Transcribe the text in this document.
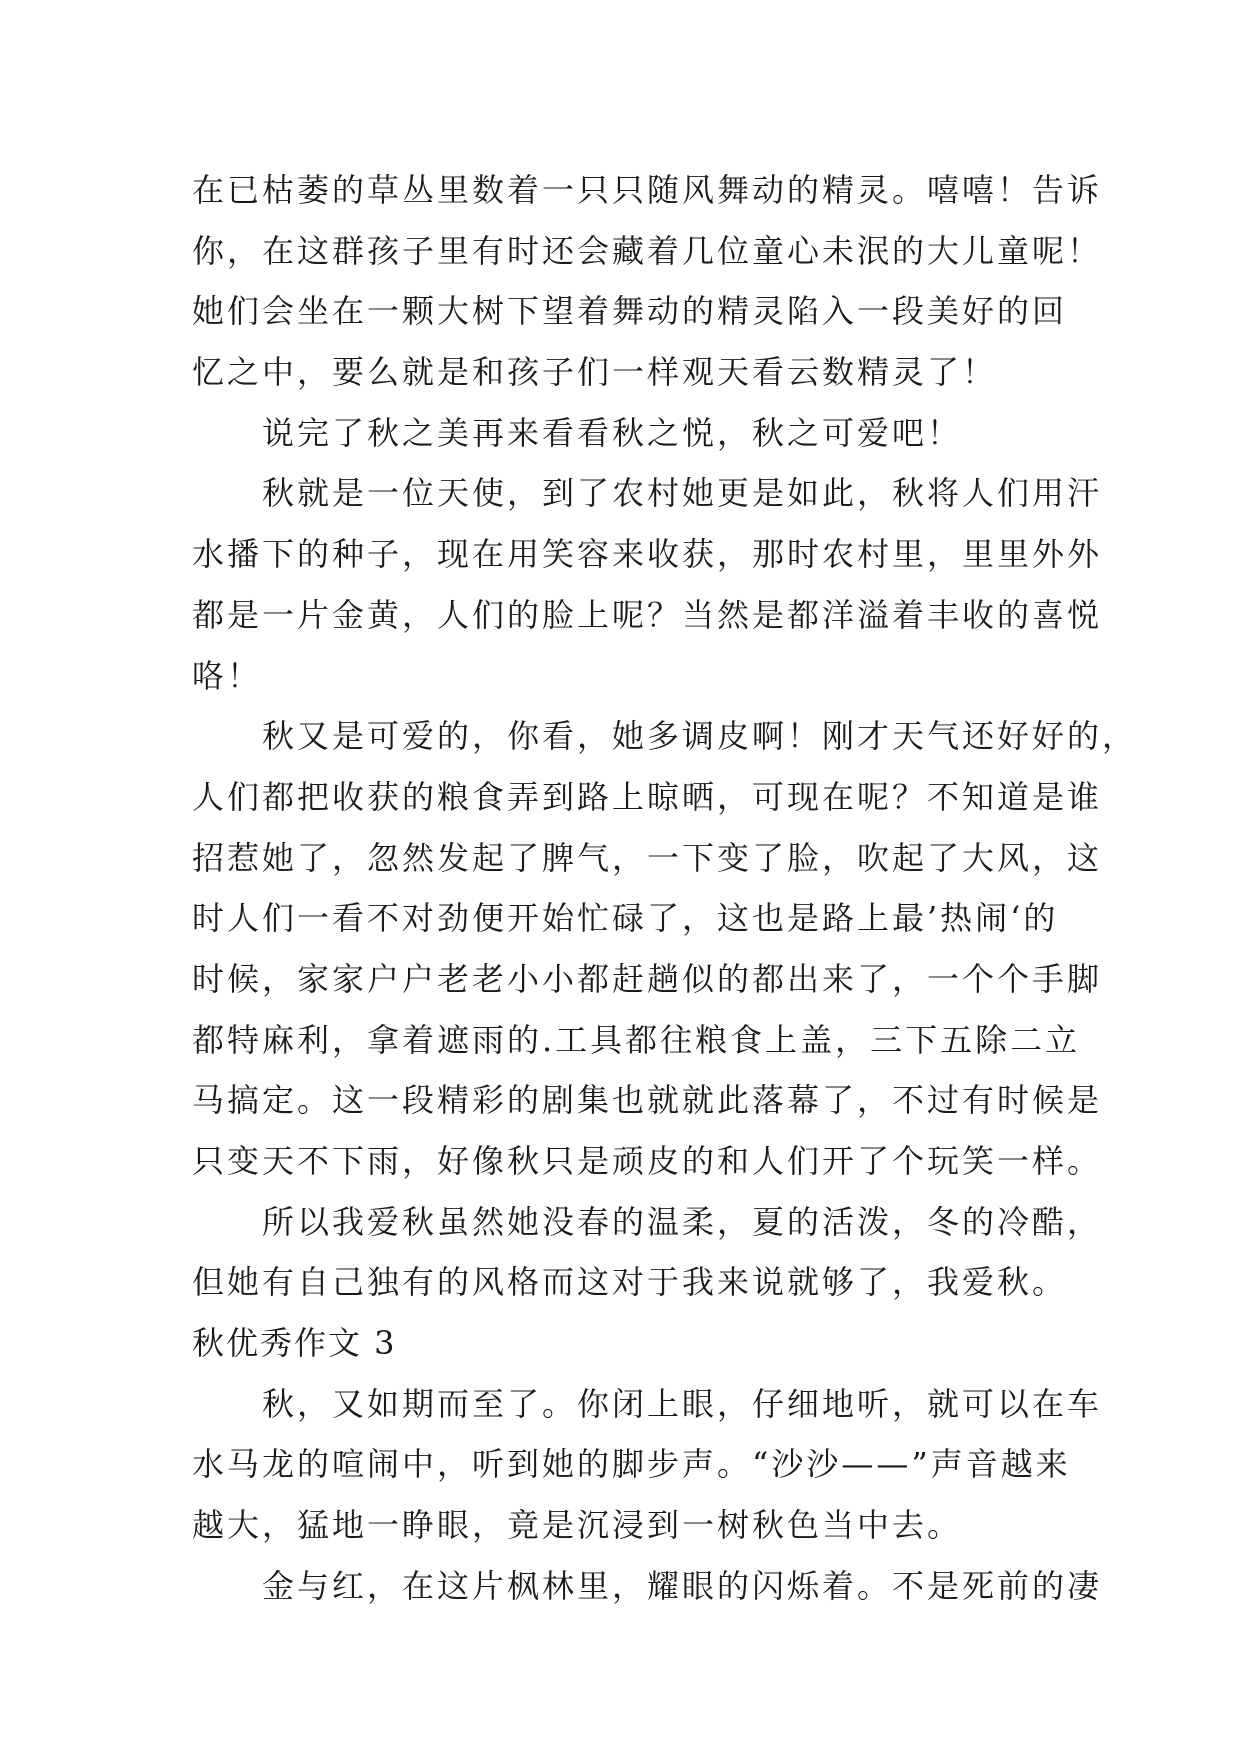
在已枯萎的草丛里数着一只只随风舞动的精灵。嘻嘻！告诉
你，在这群孩子里有时还会藏着几位童心未泯的大儿童呢！
她们会坐在一颗大树下望着舞动的精灵陷入一段美好的回
忆之中，要么就是和孩子们一样观天看云数精灵了！
说完了秋之美再来看看秋之悦，秋之可爱吧！
秋就是一位天使，到了农村她更是如此，秋将人们用汗
水播下的种子，现在用笑容来收获，那时农村里，里里外外
都是一片金黄，人们的脸上呢？当然是都洋溢着丰收的喜悦
咯！
秋又是可爱的，你看，她多调皮啊！刚才天气还好好的，
人们都把收获的粮食弄到路上晾晒，可现在呢？不知道是谁
招惹她了，忽然发起了脾气，一下变了脸，吹起了大风，这
时人们一看不对劲便开始忙碌了，这也是路上最’热闹‘的
时候，家家户户老老小小都赶趟似的都出来了，一个个手脚
都特麻利，拿着遮雨的.工具都往粮食上盖，三下五除二立
马搞定。这一段精彩的剧集也就就此落幕了，不过有时候是
只变天不下雨，好像秋只是顽皮的和人们开了个玩笑一样。
所以我爱秋虽然她没春的温柔，夏的活泼，冬的冷酷，
但她有自己独有的风格而这对于我来说就够了，我爱秋。
秋优秀作文 3
秋，又如期而至了。你闭上眼，仔细地听，就可以在车
水马龙的喧闹中，听到她的脚步声。“沙沙——”声音越来
越大，猛地一睁眼，竟是沉浸到一树秋色当中去。
金与红，在这片枫林里，耀眼的闪烁着。不是死前的凄
